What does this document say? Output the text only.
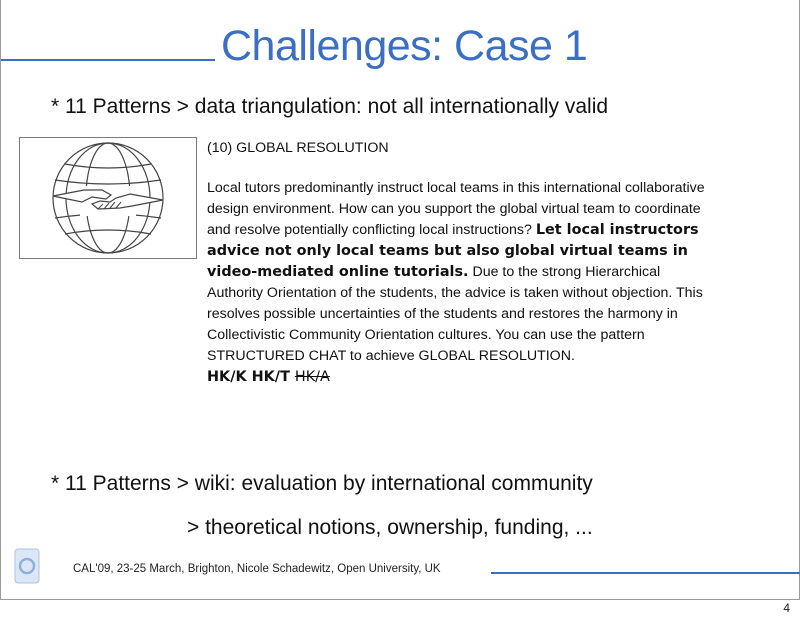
Challenges: Case 1
* 11 Patterns > data triangulation: not all internationally valid
(10) GLOBAL RESOLUTION

Local tutors predominantly instruct local teams in this international collaborative design environment. How can you support the global virtual team to coordinate and resolve potentially conflicting local instructions? Let local instructors advice not only local teams but also global virtual teams in video-mediated online tutorials. Due to the strong Hierarchical Authority Orientation of the students, the advice is taken without objection. This resolves possible uncertainties of the students and restores the harmony in Collectivistic Community Orientation cultures. You can use the pattern STRUCTURED CHAT to achieve GLOBAL RESOLUTION.

HK/K HK/T HK/A

* 11 Patterns > wiki: evaluation by international community
> theoretical notions, ownership, funding, ...
CAL'09, 23-25 March, Brighton, Nicole Schadewitz, Open University, UK
4
